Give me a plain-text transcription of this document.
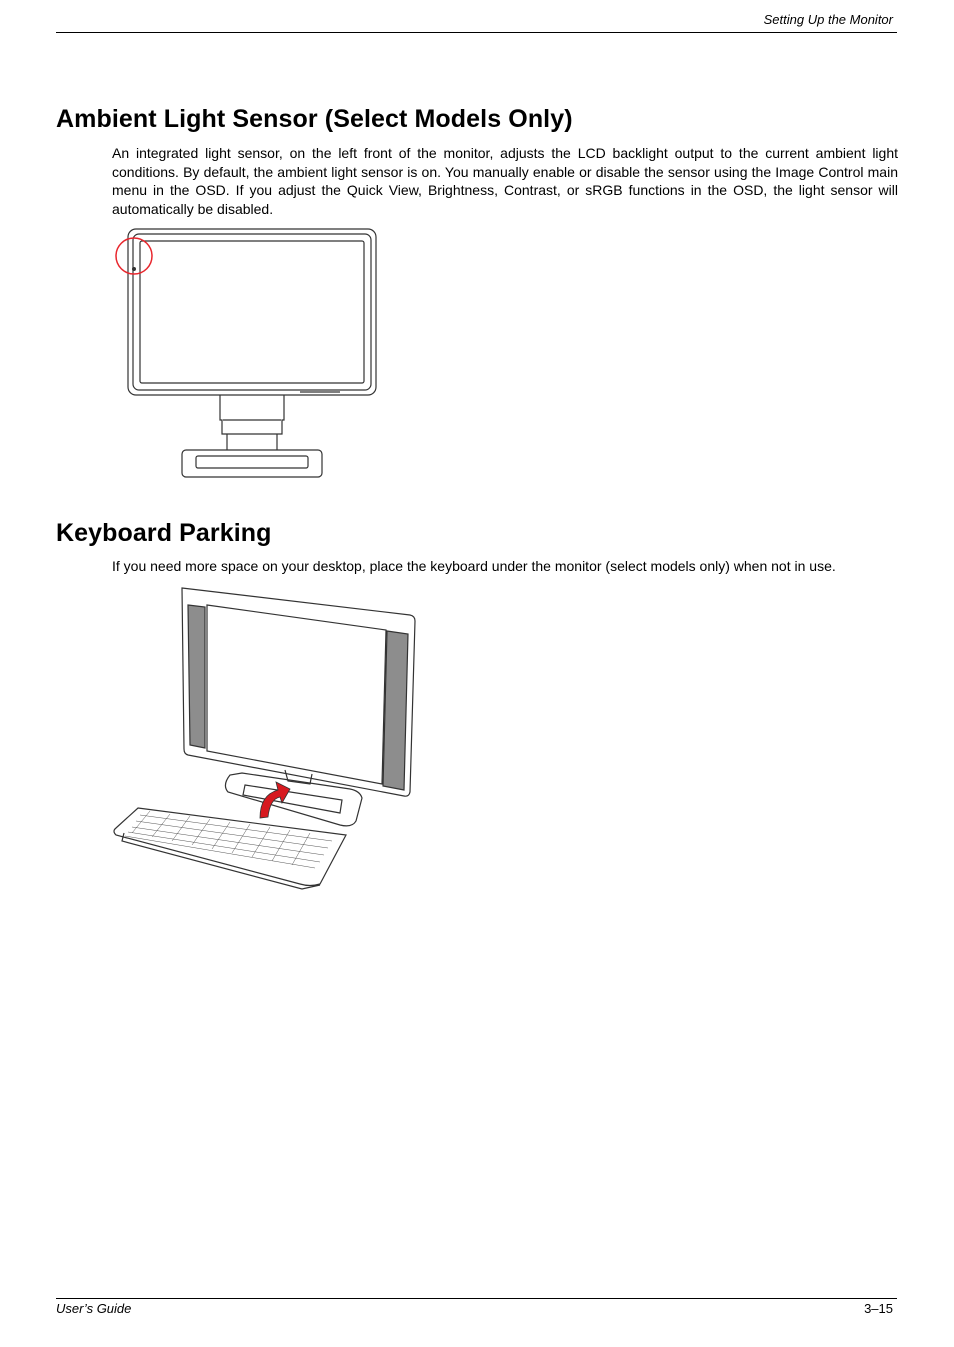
Setting Up the Monitor
Ambient Light Sensor (Select Models Only)

An integrated light sensor, on the left front of the monitor, adjusts the LCD backlight output to the current ambient light conditions. By default, the ambient light sensor is on. You manually enable or disable the sensor using the Image Control main menu in the OSD. If you adjust the Quick View, Brightness, Contrast, or sRGB functions in the OSD, the light sensor will automatically be disabled.

Keyboard Parking

If you need more space on your desktop, place the keyboard under the monitor (select models only) when not in use.

User’s Guide	3–15
